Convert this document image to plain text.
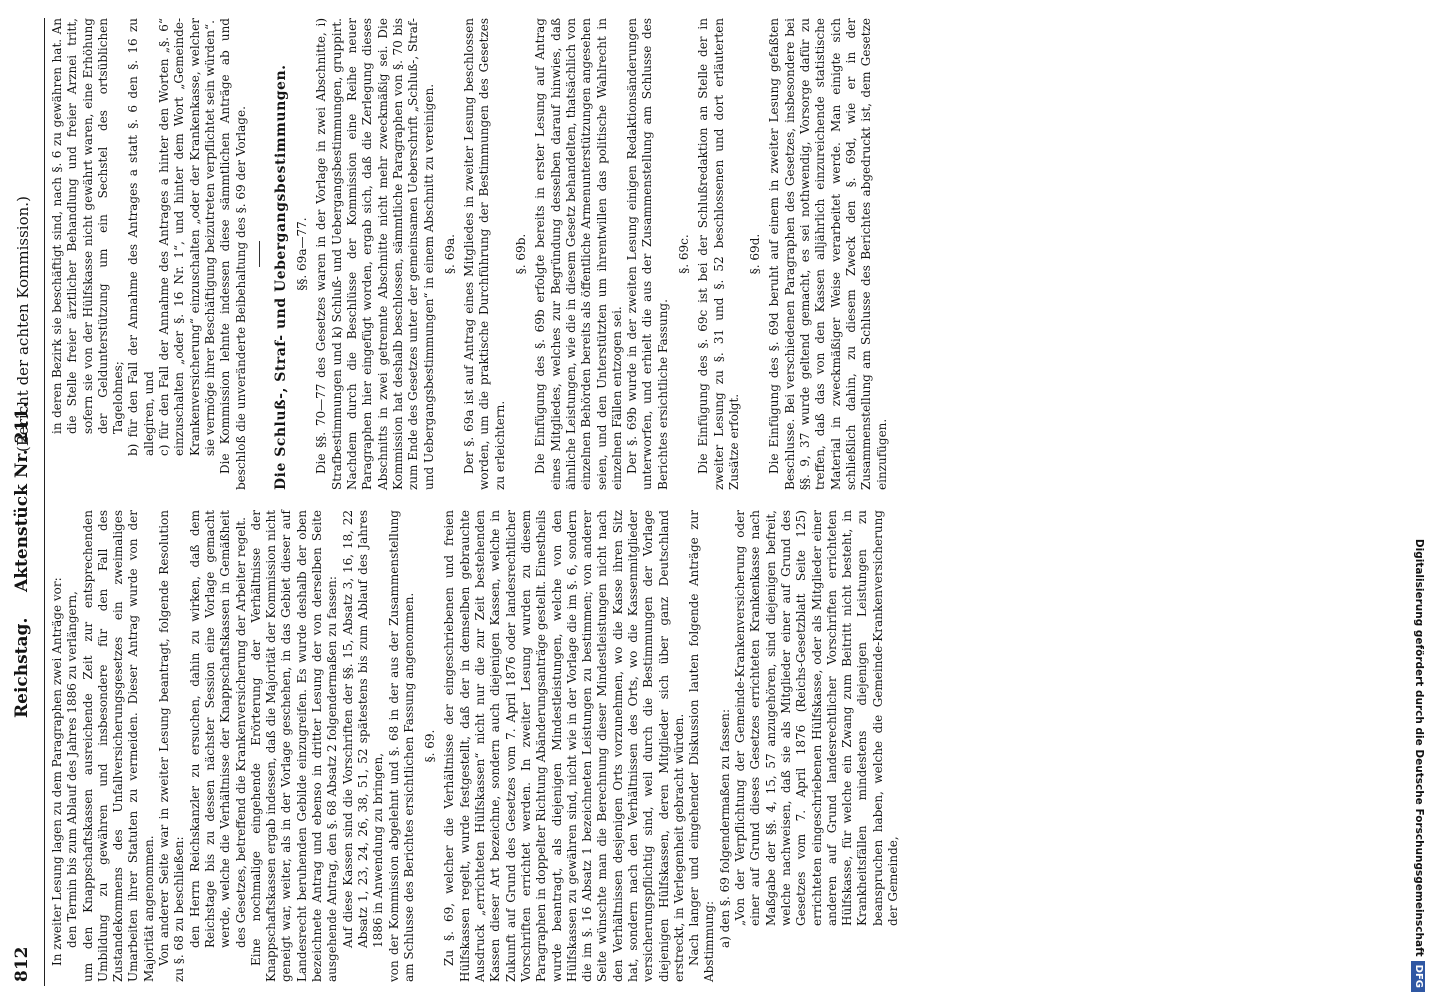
812
Reichstag.
Aktenstück Nr. 211.
(Bericht der achten Kommission.)

In zweiter Lesung lagen zu dem Paragraphen zwei Anträge vor: den Termin bis zum Ablauf des Jahres 1886 zu verlängern, um den Knappschaftskassen ausreichende Zeit zur entsprechenden Umbildung zu gewähren und insbesondere für den Fall des Zustandekommens des Unfallversicherungsgesetzes ein zweimaliges Umarbeiten ihrer Statuten zu vermeiden. Dieser Antrag wurde von der Majorität angenommen. Von anderer Seite war in zweiter Lesung beantragt, folgende Resolution zu §. 68 zu beschließen: den Herrn Reichskanzler zu ersuchen, dahin zu wirken, daß dem Reichstage bis zu dessen nächster Session eine Vorlage gemacht werde, welche die Verhältnisse der Knappschaftskassen in Gemäßheit des Gesetzes, betreffend die Krankenversicherung der Arbeiter regelt. Eine nochmalige eingehende Erörterung der Verhältnisse der Knappschaftskassen ergab indessen, daß die Majorität der Kommission nicht geneigt war, weiter, als in der Vorlage geschehen, in das Gebiet dieser auf Landesrecht beruhenden Gebilde einzugreifen. Es wurde deshalb der oben bezeichnete Antrag und ebenso in dritter Lesung der von derselben Seite ausgehende Antrag, den §. 68 Absatz 2 folgendermaßen zu fassen: Auf diese Kassen sind die Vorschriften der §§. 15, Absatz 3, 16, 18, 22 Absatz 1, 23, 24, 26, 38, 51, 52 spätestens bis zum Ablauf des Jahres 1886 in Anwendung zu bringen, von der Kommission abgelehnt und §. 68 in der aus der Zusammenstellung am Schlusse des Berichtes ersichtlichen Fassung angenommen. §. 69. Zu §. 69, welcher die Verhältnisse der eingeschriebenen und freien Hülfskassen regelt, wurde festgestellt, daß der in demselben gebrauchte Ausdruck „errichteten Hülfskassen“ nicht nur die zur Zeit bestehenden Kassen dieser Art bezeichne, sondern auch diejenigen Kassen, welche in Zukunft auf Grund des Gesetzes vom 7. April 1876 oder landesrechtlicher Vorschriften errichtet werden. In zweiter Lesung wurden zu diesem Paragraphen in doppelter Richtung Abänderungsanträge gestellt. Einestheils wurde beantragt, als diejenigen Mindestleistungen, welche von den Hülfskassen zu gewähren sind, nicht wie in der Vorlage die im §. 6, sondern die im §. 16 Absatz 1 bezeichneten Leistungen zu bestimmen; von anderer Seite wünschte man die Berechnung dieser Mindestleistungen nicht nach den Verhältnissen desjenigen Orts vorzunehmen, wo die Kasse ihren Sitz hat, sondern nach den Verhältnissen des Orts, wo die Kassenmitglieder versicherungspflichtig sind, weil durch die Bestimmungen der Vorlage diejenigen Hülfskassen, deren Mitglieder sich über ganz Deutschland erstreckt, in Verlegenheit gebracht würden. Nach langer und eingehender Diskussion lauten folgende Anträge zur Abstimmung: a) den §. 69 folgendermaßen zu fassen: „Von der Verpflichtung der Gemeinde-Krankenversicherung oder einer auf Grund dieses Gesetzes errichteten Krankenkasse nach Maßgabe der §§. 4, 15, 57 anzugehören, sind diejenigen befreit, welche nachweisen, daß sie als Mitglieder einer auf Grund des Gesetzes vom 7. April 1876 (Reichs-Gesetzblatt Seite 125) errichteten eingeschriebenen Hülfskasse, oder als Mitglieder einer anderen auf Grund landesrechtlicher Vorschriften errichteten Hülfskasse, für welche ein Zwang zum Beitritt nicht besteht, in Krankheitsfällen mindestens diejenigen Leistungen zu beanspruchen haben, welche die Gemeinde-Krankenversicherung der Gemeinde,

in deren Bezirk sie beschäftigt sind, nach §. 6 zu gewähren hat. An die Stelle freier ärztlicher Behandlung und freier Arznei tritt, sofern sie von der Hülfskasse nicht gewährt waren, eine Erhöhung der Geldunterstützung um ein Sechstel des ortsüblichen Tagelohnes; b) für den Fall der Annahme des Antrages a statt §. 6 den §. 16 zu allegiren, und c) für den Fall der Annahme des Antrages a hinter den Worten „§. 6“ einzuschalten „oder §. 16 Nr. 1“, und hinter dem Wort „Gemeinde-Krankenversicherung“ einzuschalten „oder der Krankenkasse, welcher sie vermöge ihrer Beschäftigung beizutreten verpflichtet sein würden“. Die Kommission lehnte indessen diese sämmtlichen Anträge ab und beschloß die unveränderte Beibehaltung des §. 69 der Vorlage. Die Schluß-, Straf- und Uebergangsbestimmungen. §§. 69a—77. Die §§. 70—77 des Gesetzes waren in der Vorlage in zwei Abschnitte, i) Strafbestimmungen und k) Schluß- und Uebergangsbestimmungen, gruppirt. Nachdem durch die Beschlüsse der Kommission eine Reihe neuer Paragraphen hier eingefügt worden, ergab sich, daß die Zerlegung dieses Abschnitts in zwei getrennte Abschnitte nicht mehr zweckmäßig sei. Die Kommission hat deshalb beschlossen, sämmtliche Paragraphen von §. 70 bis zum Ende des Gesetzes unter der gemeinsamen Ueberschrift „Schluß-, Straf- und Uebergangsbestimmungen“ in einem Abschnitt zu vereinigen. §. 69a. Der §. 69a ist auf Antrag eines Mitgliedes in zweiter Lesung beschlossen worden, um die praktische Durchführung der Bestimmungen des Gesetzes zu erleichtern.

§. 69b. Die Einfügung des §. 69b erfolgte bereits in erster Lesung auf Antrag eines Mitgliedes, welches zur Begründung desselben darauf hinwies, daß ähnliche Leistungen, wie die in diesem Gesetz behandelten, thatsächlich von einzelnen Behörden bereits als öffentliche Armenunterstützungen angesehen seien, und den Unterstützten um ihrentwillen das politische Wahlrecht in einzelnen Fällen entzogen sei. Der §. 69b wurde in der zweiten Lesung einigen Redaktionsänderungen unterworfen, und erhielt die aus der Zusammenstellung am Schlusse des Berichtes ersichtliche Fassung.

§. 69c. Die Einfügung des §. 69c ist bei der Schlußredaktion an Stelle der in zweiter Lesung zu §. 31 und §. 52 beschlossenen und dort erläuterten Zusätze erfolgt.

§. 69d. Die Einfügung des §. 69d beruht auf einem in zweiter Lesung gefaßten Beschlusse. Bei verschiedenen Paragraphen des Gesetzes, insbesondere bei §§. 9, 37 wurde geltend gemacht, es sei nothwendig, Vorsorge dafür zu treffen, daß das von den Kassen alljährlich einzureichende statistische Material in zweckmäßiger Weise verarbeitet werde. Man einigte sich schließlich dahin, zu diesem Zweck den §. 69d, wie er in der Zusammenstellung am Schlusse des Berichtes abgedruckt ist, dem Gesetze einzufügen.

Digitalisierung gefördert durch die Deutsche ForschungsgemeinschaftDFG
